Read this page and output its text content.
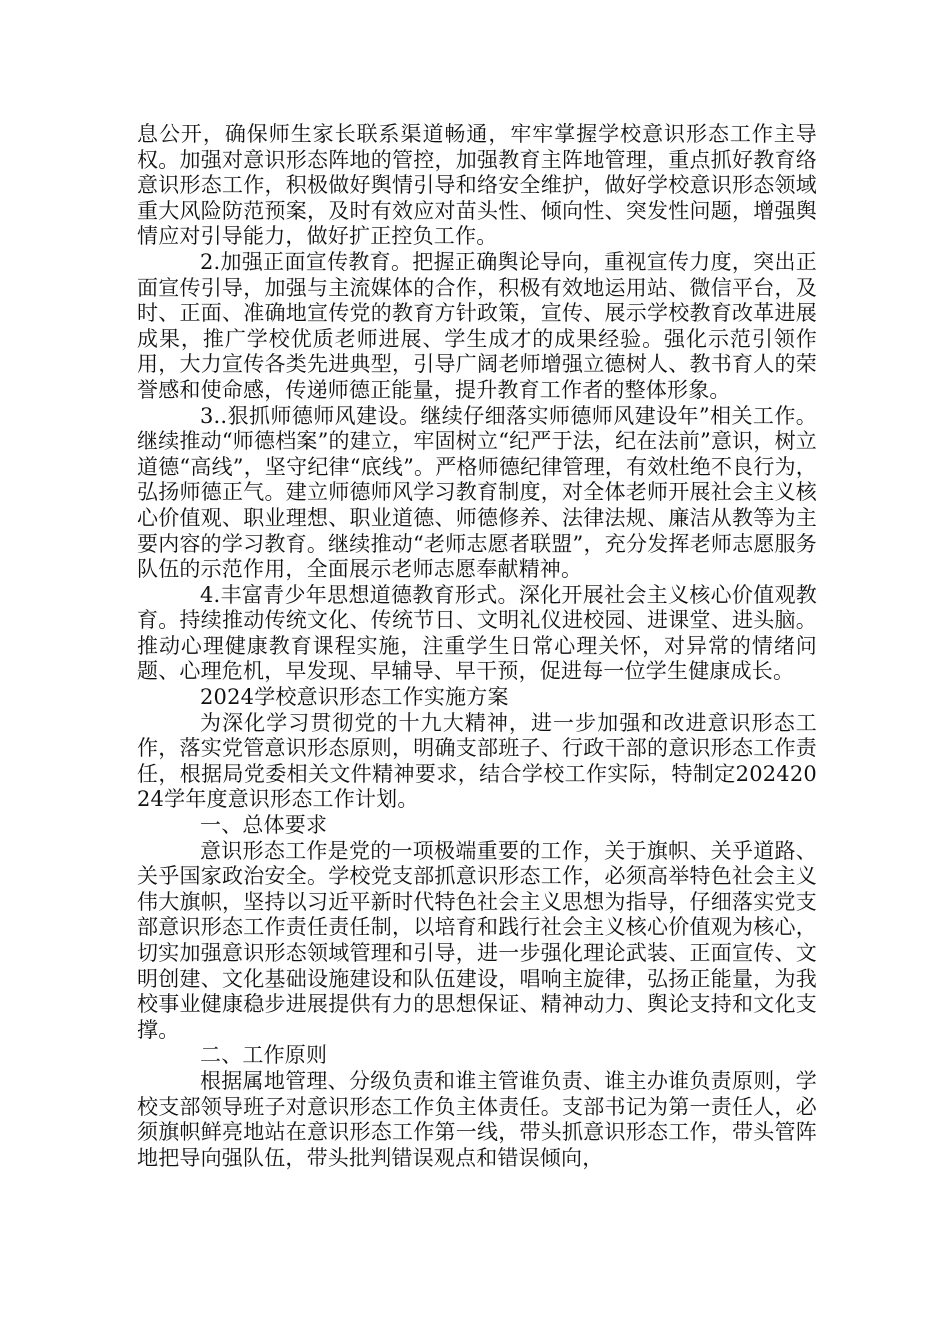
息公开，确保师生家长联系渠道畅通，牢牢掌握学校意识形态工作主导权。加强对意识形态阵地的管控，加强教育主阵地管理，重点抓好教育络意识形态工作，积极做好舆情引导和络安全维护，做好学校意识形态领域重大风险防范预案，及时有效应对苗头性、倾向性、突发性问题，增强舆情应对引导能力，做好扩正控负工作。

2.加强正面宣传教育。把握正确舆论导向，重视宣传力度，突出正面宣传引导，加强与主流媒体的合作，积极有效地运用站、微信平台，及时、正面、准确地宣传党的教育方针政策，宣传、展示学校教育改革进展成果，推广学校优质老师进展、学生成才的成果经验。强化示范引领作用，大力宣传各类先进典型，引导广阔老师增强立德树人、教书育人的荣誉感和使命感，传递师德正能量，提升教育工作者的整体形象。

3..狠抓师德师风建设。继续仔细落实师德师风建设年”相关工作。继续推动“师德档案”的建立，牢固树立“纪严于法，纪在法前”意识，树立道德“高线”，坚守纪律“底线”。严格师德纪律管理，有效杜绝不良行为，弘扬师德正气。建立师德师风学习教育制度，对全体老师开展社会主义核心价值观、职业理想、职业道德、师德修养、法律法规、廉洁从教等为主要内容的学习教育。继续推动“老师志愿者联盟”，充分发挥老师志愿服务队伍的示范作用，全面展示老师志愿奉献精神。

4.丰富青少年思想道德教育形式。深化开展社会主义核心价值观教育。持续推动传统文化、传统节日、文明礼仪进校园、进课堂、进头脑。推动心理健康教育课程实施，注重学生日常心理关怀，对异常的情绪问题、心理危机，早发现、早辅导、早干预，促进每一位学生健康成长。

2024学校意识形态工作实施方案

为深化学习贯彻党的十九大精神，进一步加强和改进意识形态工作，落实党管意识形态原则，明确支部班子、行政干部的意识形态工作责任，根据局党委相关文件精神要求，结合学校工作实际，特制定20242024学年度意识形态工作计划。

一、总体要求

意识形态工作是党的一项极端重要的工作，关于旗帜、关乎道路、关乎国家政治安全。学校党支部抓意识形态工作，必须高举特色社会主义伟大旗帜，坚持以习近平新时代特色社会主义思想为指导，仔细落实党支部意识形态工作责任责任制，以培育和践行社会主义核心价值观为核心，切实加强意识形态领域管理和引导，进一步强化理论武装、正面宣传、文明创建、文化基础设施建设和队伍建设，唱响主旋律，弘扬正能量，为我校事业健康稳步进展提供有力的思想保证、精神动力、舆论支持和文化支撑。

二、工作原则

根据属地管理、分级负责和谁主管谁负责、谁主办谁负责原则，学校支部领导班子对意识形态工作负主体责任。支部书记为第一责任人，必须旗帜鲜亮地站在意识形态工作第一线，带头抓意识形态工作，带头管阵地把导向强队伍，带头批判错误观点和错误倾向，
